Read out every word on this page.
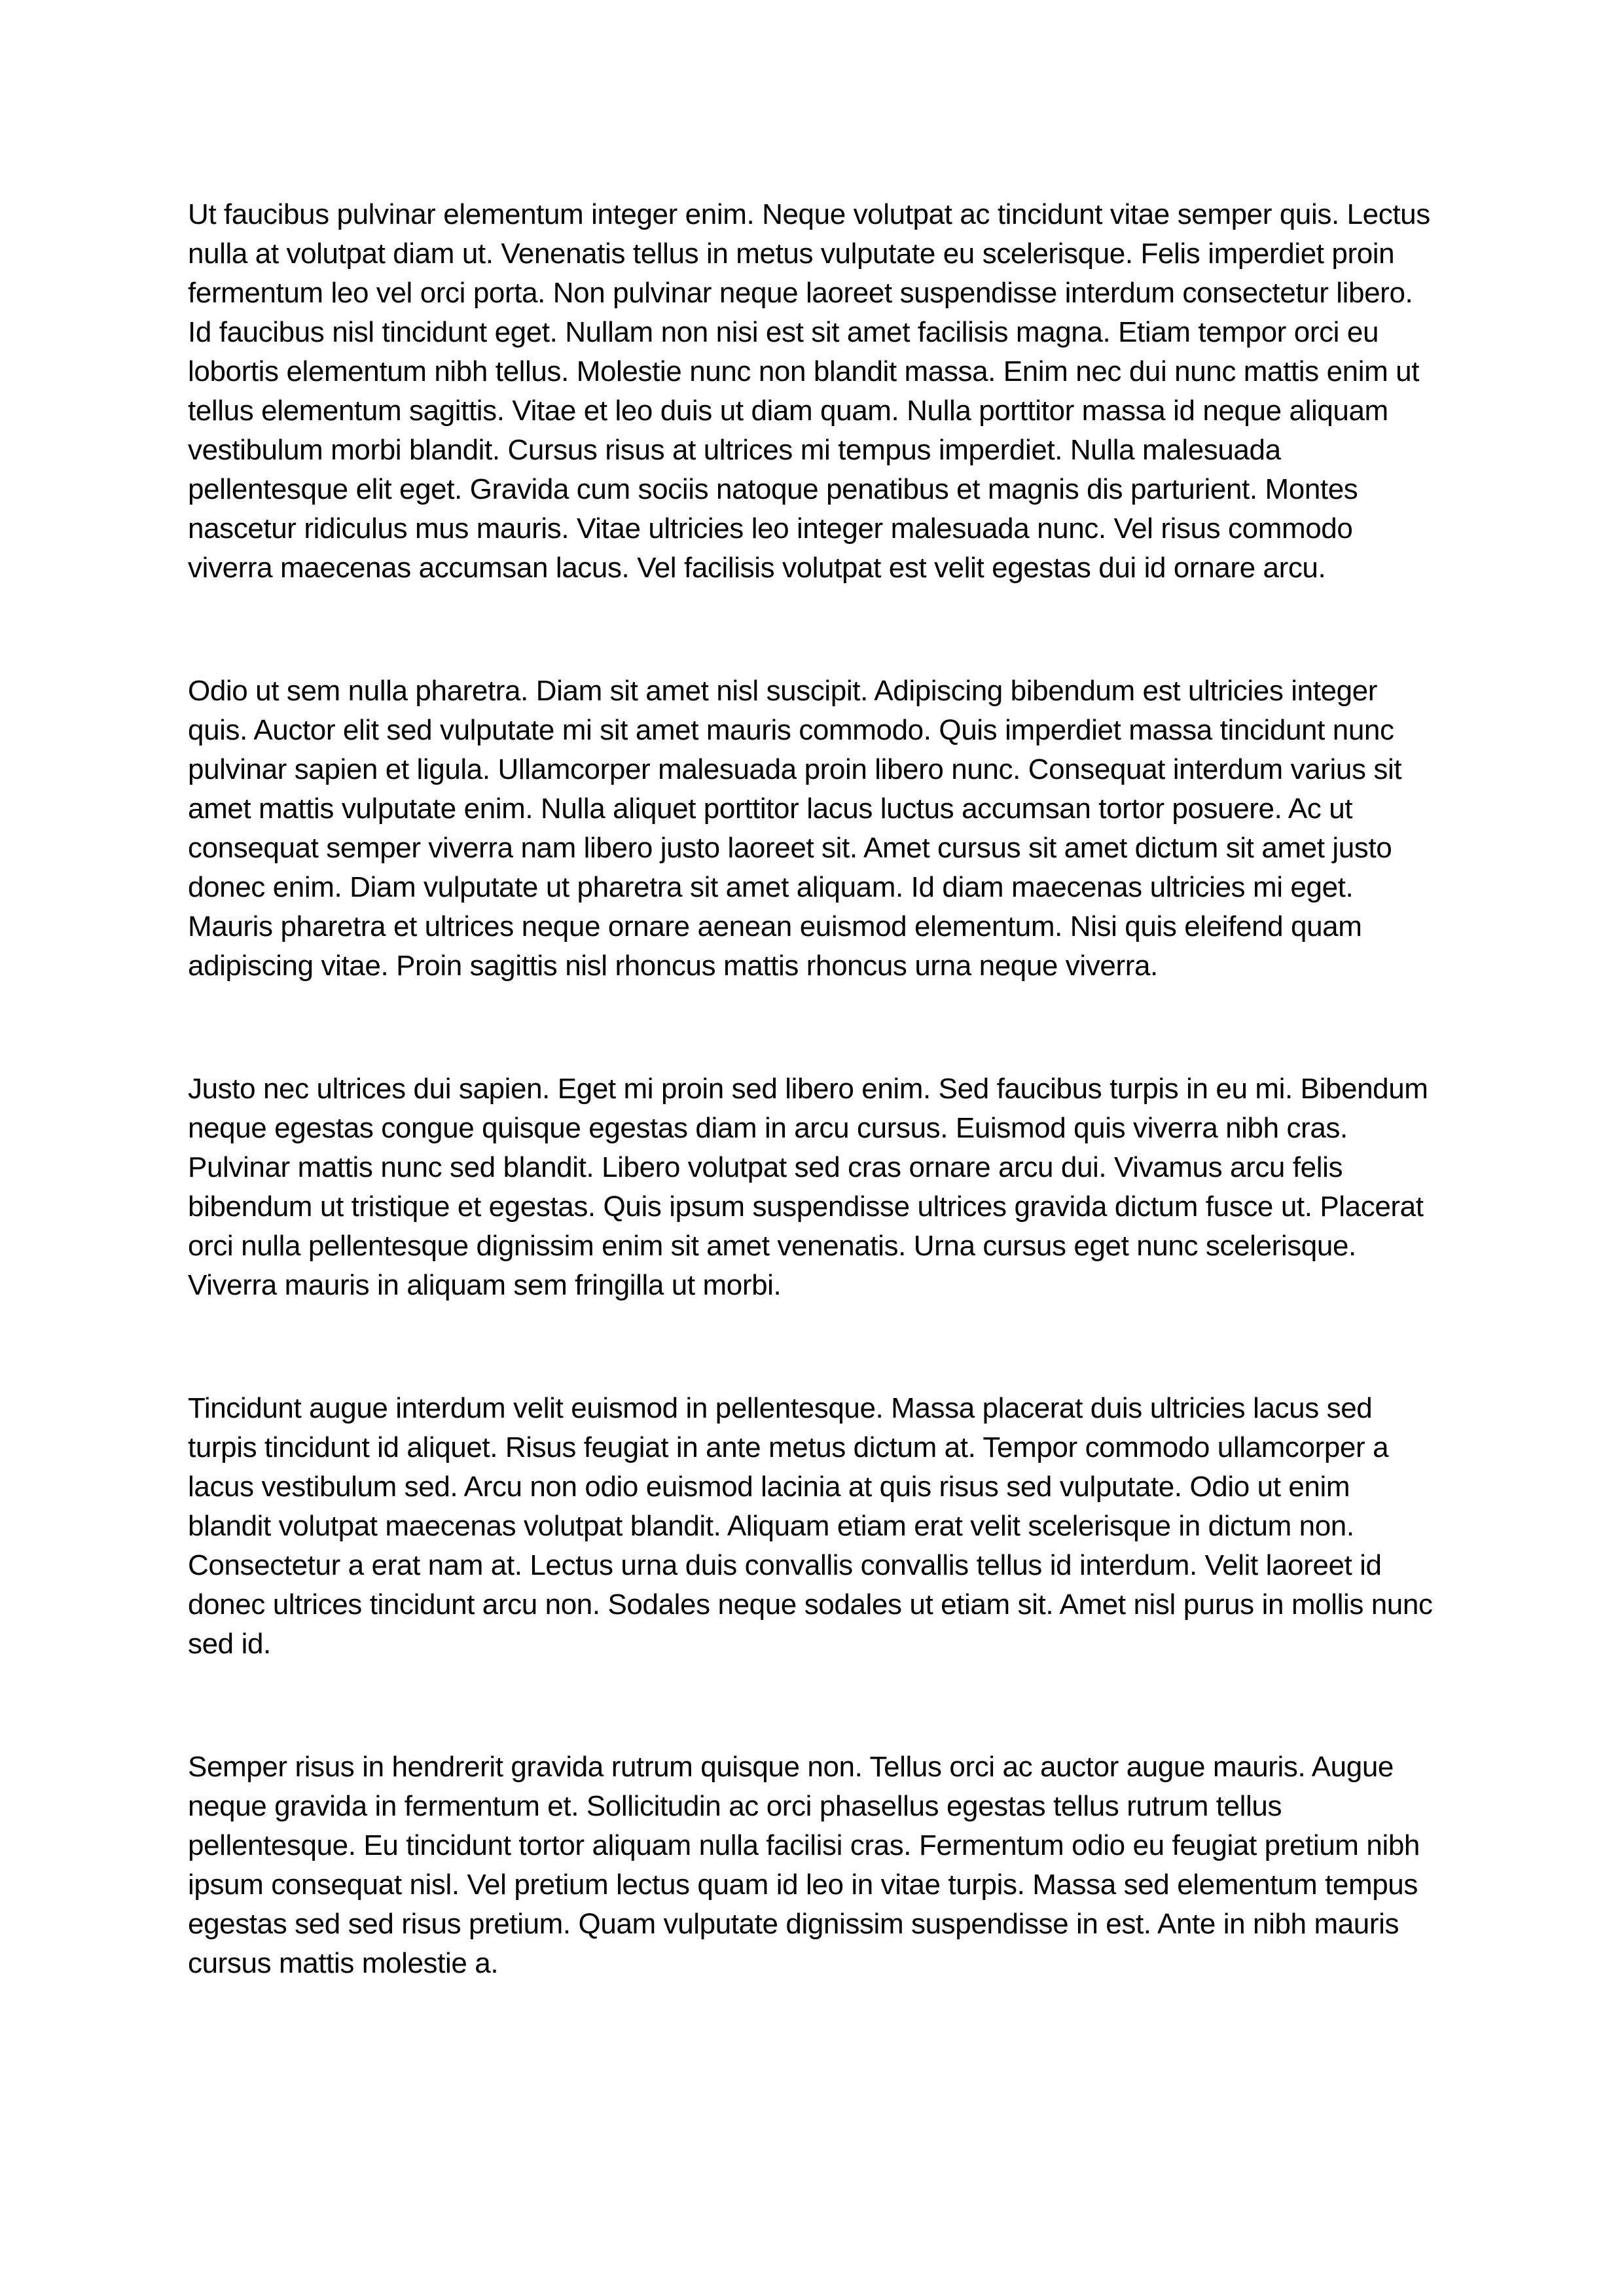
Ut faucibus pulvinar elementum integer enim. Neque volutpat ac tincidunt vitae semper quis. Lectus nulla at volutpat diam ut. Venenatis tellus in metus vulputate eu scelerisque. Felis imperdiet proin fermentum leo vel orci porta. Non pulvinar neque laoreet suspendisse interdum consectetur libero. Id faucibus nisl tincidunt eget. Nullam non nisi est sit amet facilisis magna. Etiam tempor orci eu lobortis elementum nibh tellus. Molestie nunc non blandit massa. Enim nec dui nunc mattis enim ut tellus elementum sagittis. Vitae et leo duis ut diam quam. Nulla porttitor massa id neque aliquam vestibulum morbi blandit. Cursus risus at ultrices mi tempus imperdiet. Nulla malesuada pellentesque elit eget. Gravida cum sociis natoque penatibus et magnis dis parturient. Montes nascetur ridiculus mus mauris. Vitae ultricies leo integer malesuada nunc. Vel risus commodo viverra maecenas accumsan lacus. Vel facilisis volutpat est velit egestas dui id ornare arcu.

Odio ut sem nulla pharetra. Diam sit amet nisl suscipit. Adipiscing bibendum est ultricies integer quis. Auctor elit sed vulputate mi sit amet mauris commodo. Quis imperdiet massa tincidunt nunc pulvinar sapien et ligula. Ullamcorper malesuada proin libero nunc. Consequat interdum varius sit amet mattis vulputate enim. Nulla aliquet porttitor lacus luctus accumsan tortor posuere. Ac ut consequat semper viverra nam libero justo laoreet sit. Amet cursus sit amet dictum sit amet justo donec enim. Diam vulputate ut pharetra sit amet aliquam. Id diam maecenas ultricies mi eget. Mauris pharetra et ultrices neque ornare aenean euismod elementum. Nisi quis eleifend quam adipiscing vitae. Proin sagittis nisl rhoncus mattis rhoncus urna neque viverra.

Justo nec ultrices dui sapien. Eget mi proin sed libero enim. Sed faucibus turpis in eu mi. Bibendum neque egestas congue quisque egestas diam in arcu cursus. Euismod quis viverra nibh cras. Pulvinar mattis nunc sed blandit. Libero volutpat sed cras ornare arcu dui. Vivamus arcu felis bibendum ut tristique et egestas. Quis ipsum suspendisse ultrices gravida dictum fusce ut. Placerat orci nulla pellentesque dignissim enim sit amet venenatis. Urna cursus eget nunc scelerisque. Viverra mauris in aliquam sem fringilla ut morbi.

Tincidunt augue interdum velit euismod in pellentesque. Massa placerat duis ultricies lacus sed turpis tincidunt id aliquet. Risus feugiat in ante metus dictum at. Tempor commodo ullamcorper a lacus vestibulum sed. Arcu non odio euismod lacinia at quis risus sed vulputate. Odio ut enim blandit volutpat maecenas volutpat blandit. Aliquam etiam erat velit scelerisque in dictum non. Consectetur a erat nam at. Lectus urna duis convallis convallis tellus id interdum. Velit laoreet id donec ultrices tincidunt arcu non. Sodales neque sodales ut etiam sit. Amet nisl purus in mollis nunc sed id.

Semper risus in hendrerit gravida rutrum quisque non. Tellus orci ac auctor augue mauris. Augue neque gravida in fermentum et. Sollicitudin ac orci phasellus egestas tellus rutrum tellus pellentesque. Eu tincidunt tortor aliquam nulla facilisi cras. Fermentum odio eu feugiat pretium nibh ipsum consequat nisl. Vel pretium lectus quam id leo in vitae turpis. Massa sed elementum tempus egestas sed sed risus pretium. Quam vulputate dignissim suspendisse in est. Ante in nibh mauris cursus mattis molestie a.
